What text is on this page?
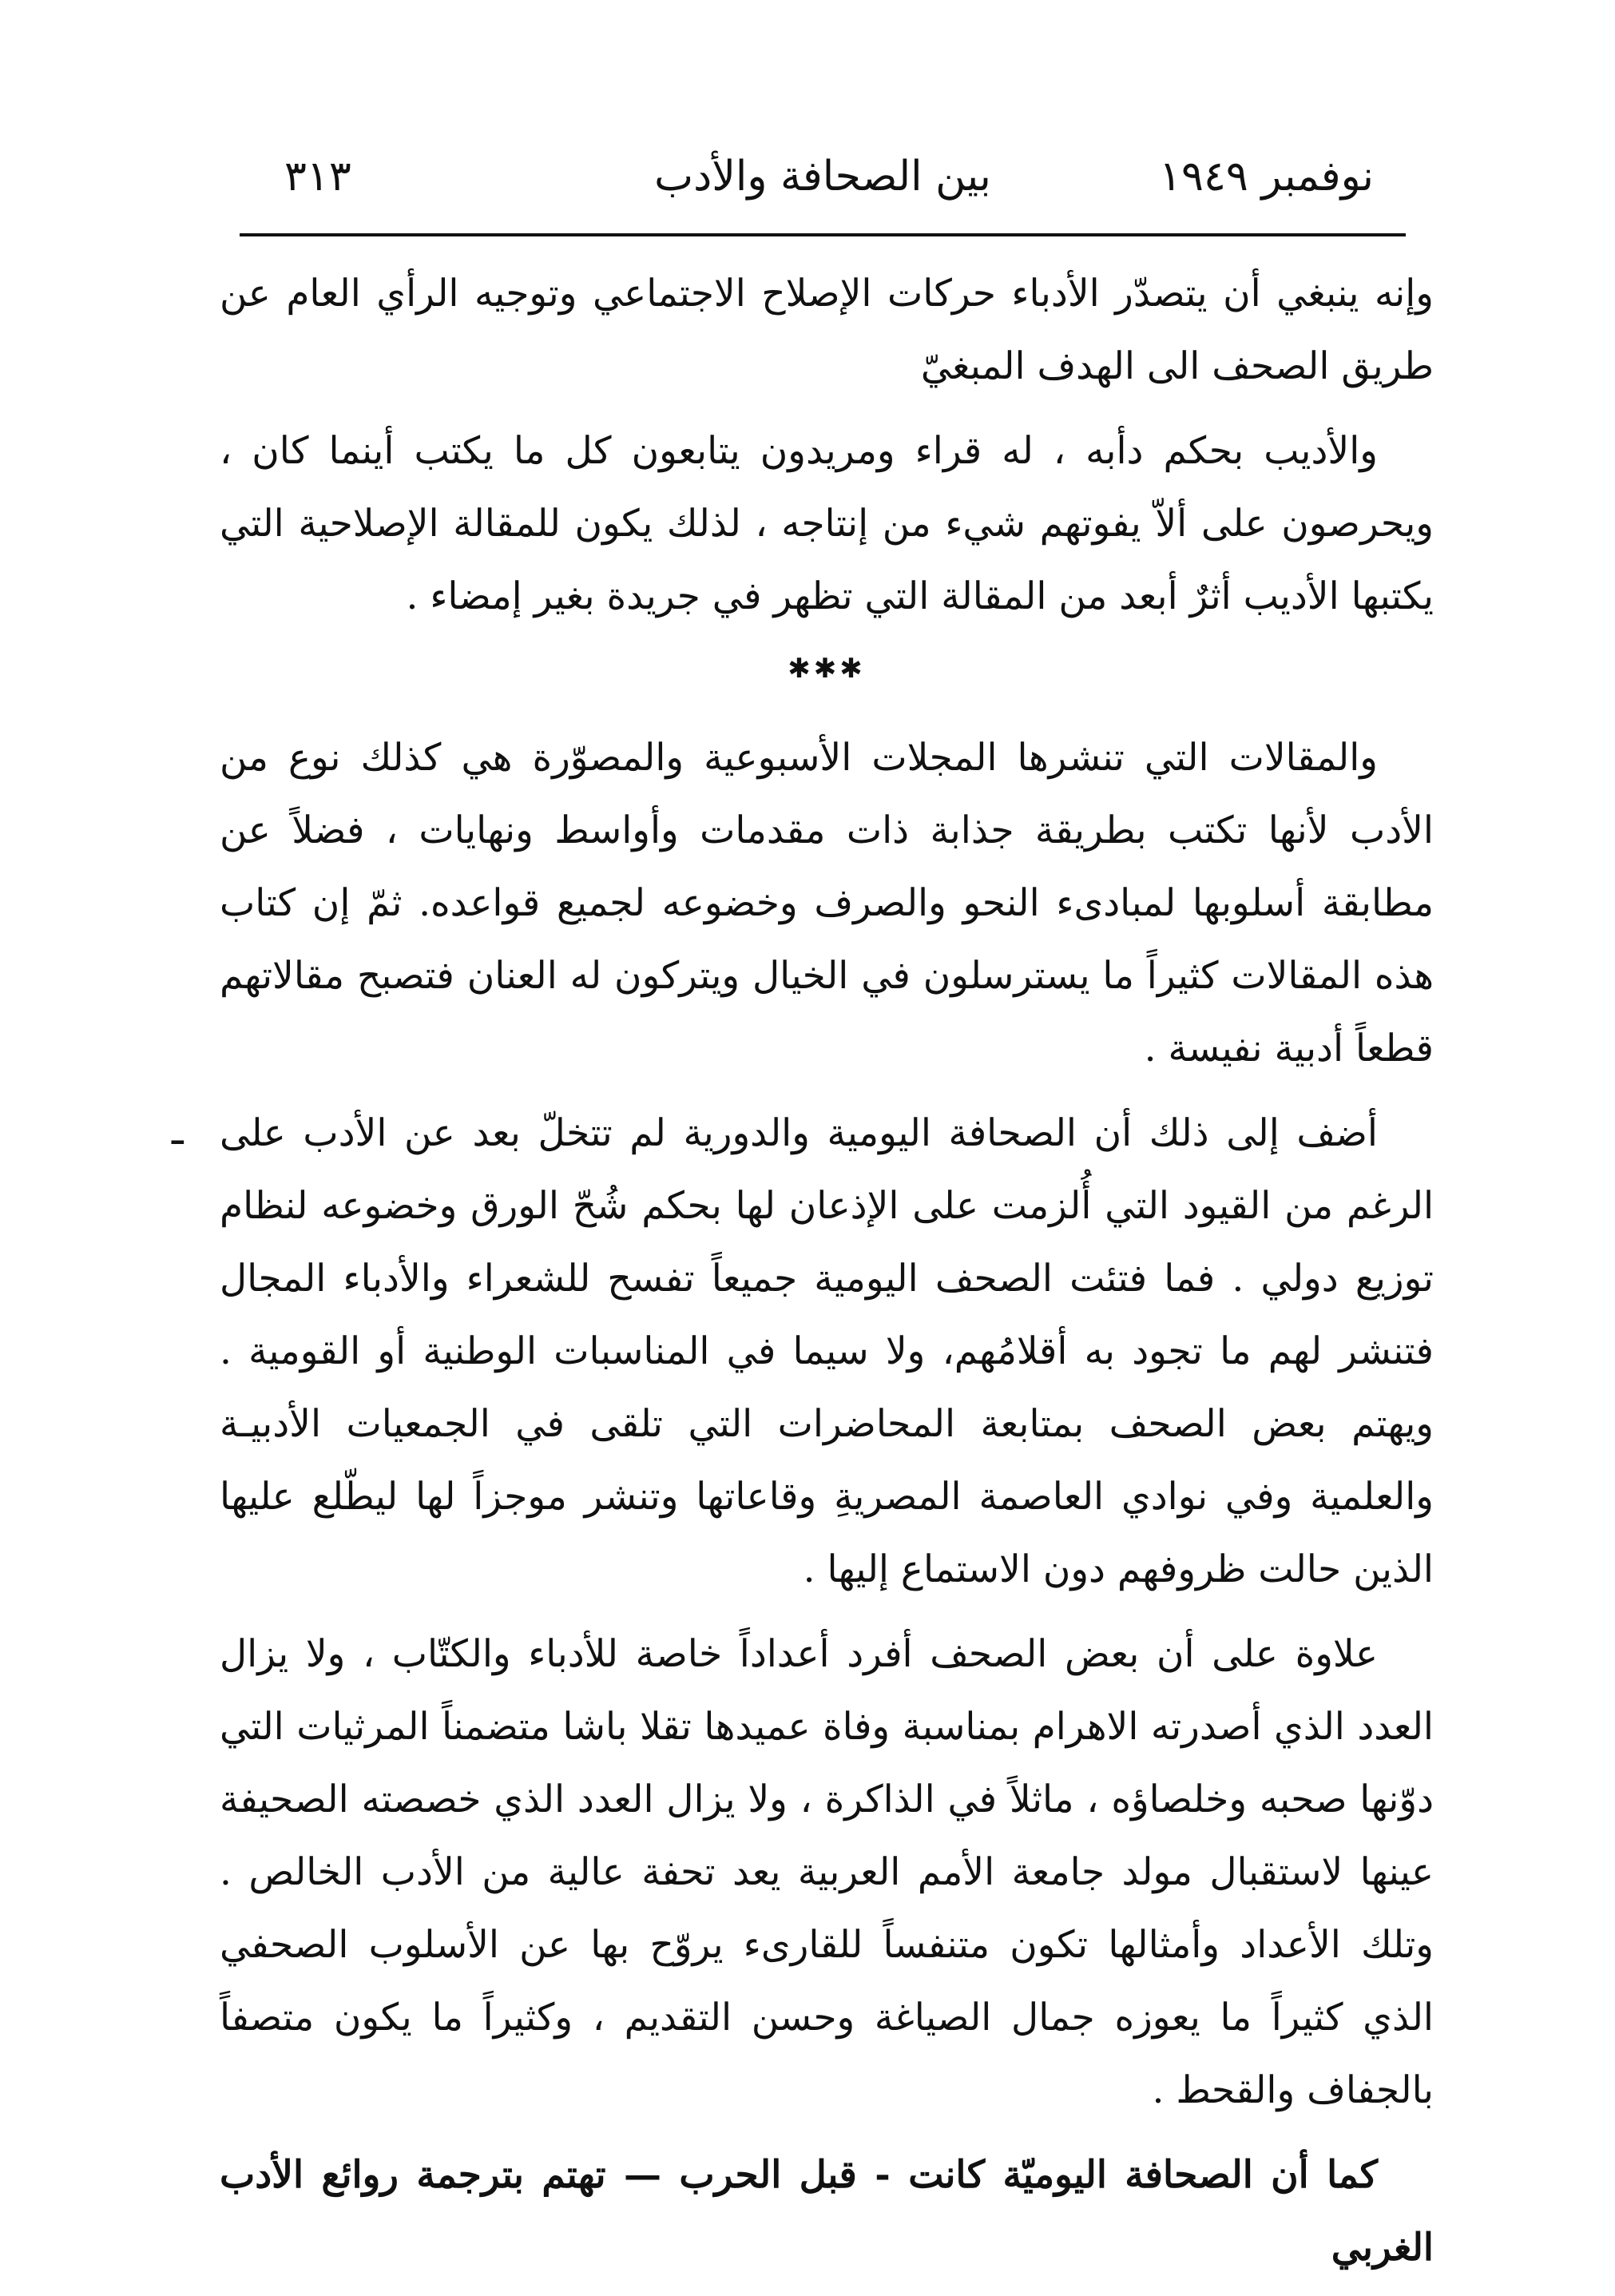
٣١٣	بين الصحافة والأدب	نوفمبر ١٩٤٩
ـ

وإنه ينبغي أن يتصدّر الأدباء حركات الإصلاح الاجتماعي وتوجيه الرأي العام عن طريق الصحف الى الهدف المبغيّ

والأديب بحكم دأبه ، له قراء ومريدون يتابعون كل ما يكتب أينما كان ، ويحرصون على ألاّ يفوتهم شيء من إنتاجه ، لذلك يكون للمقالة الإصلاحية التي يكتبها الأديب أثرٌ أبعد من المقالة التي تظهر في جريدة بغير إمضاء .

✱✱✱

والمقالات التي تنشرها المجلات الأسبوعية والمصوّرة هي كذلك نوع من الأدب لأنها تكتب بطريقة جذابة ذات مقدمات وأواسط ونهايات ، فضلاً عن مطابقة أسلوبها لمبادىء النحو والصرف وخضوعه لجميع قواعده. ثمّ إن كتاب هذه المقالات كثيراً ما يسترسلون في الخيال ويتركون له العنان فتصبح مقالاتهم قطعاً أدبية نفيسة .

أضف إلى ذلك أن الصحافة اليومية والدورية لم تتخلّ بعد عن الأدب على الرغم من القيود التي أُلزمت على الإذعان لها بحكم شُحّ الورق وخضوعه لنظام توزيع دولي . فما فتئت الصحف اليومية جميعاً تفسح للشعراء والأدباء المجال فتنشر لهم ما تجود به أقلامُهم، ولا سيما في المناسبات الوطنية أو القومية . ويهتم بعض الصحف بمتابعة المحاضرات التي تلقى في الجمعيات الأدبيـة والعلمية وفي نوادي العاصمة المصريةِ وقاعاتها وتنشر موجزاً لها ليطّلع عليها الذين حالت ظروفهم دون الاستماع إليها .

علاوة على أن بعض الصحف أفرد أعداداً خاصة للأدباء والكتّاب ، ولا يزال العدد الذي أصدرته الاهرام بمناسبة وفاة عميدها تقلا باشا متضمناً المرثيات التي دوّنها صحبه وخلصاؤه ، ماثلاً في الذاكرة ، ولا يزال العدد الذي خصصته الصحيفة عينها لاستقبال مولد جامعة الأمم العربية يعد تحفة عالية من الأدب الخالص . وتلك الأعداد وأمثالها تكون متنفساً للقارىء يروّح بها عن الأسلوب الصحفي الذي كثيراً ما يعوزه جمال الصياغة وحسن التقديم ، وكثيراً ما يكون متصفاً بالجفاف والقحط .

كما أن الصحافة اليوميّة كانت - قبل الحرب — تهتم بترجمة روائع الأدب الغربي
